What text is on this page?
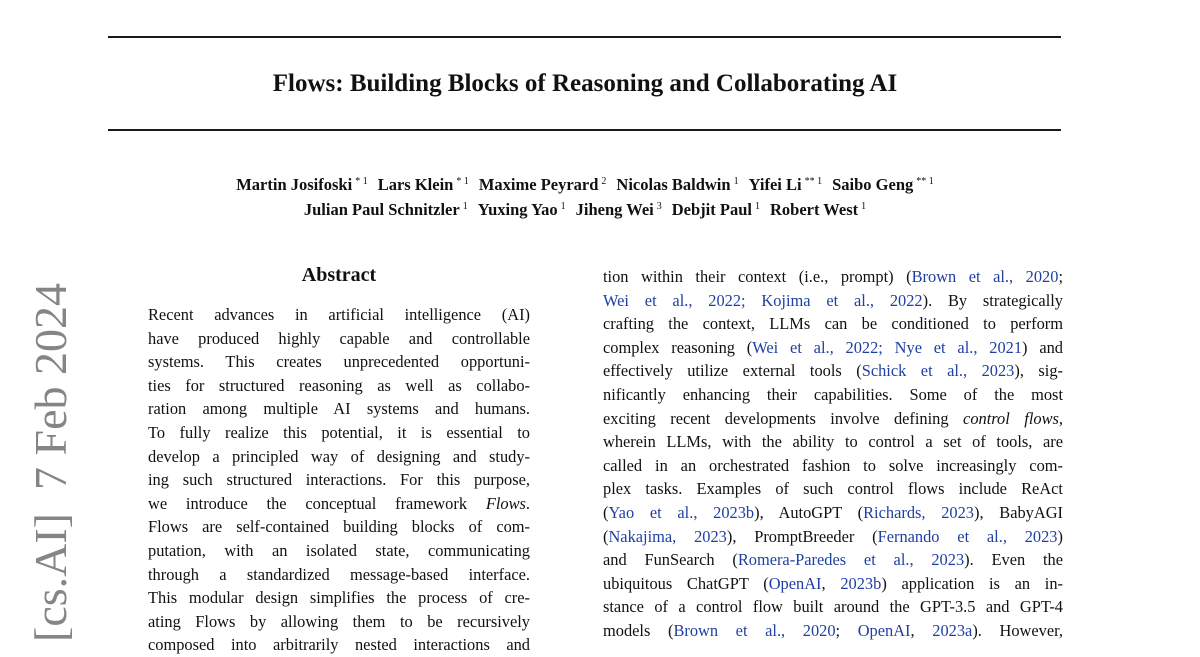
Flows: Building Blocks of Reasoning and Collaborating AI
Martin Josifoski $^{* 1}$ Lars Klein $^{* 1}$ Maxime Peyrard $^2$ Nicolas Baldwin $^1$ Yifei Li $^{** 1}$ Saibo Geng $^{** 1}$
Julian Paul Schnitzler $^1$ Yuxing Yao $^1$ Jiheng Wei $^3$ Debjit Paul $^1$ Robert West $^1$
[cs.AI]  7 Feb 2024
Abstract
Recent advances in artificial intelligence (AI)
have produced highly capable and controllable
systems. This creates unprecedented opportuni-
ties for structured reasoning as well as collabo-
ration among multiple AI systems and humans.
To fully realize this potential, it is essential to
develop a principled way of designing and study-
ing such structured interactions. For this purpose,
we introduce the conceptual framework Flows.
Flows are self-contained building blocks of com-
putation, with an isolated state, communicating
through a standardized message-based interface.
This modular design simplifies the process of cre-
ating Flows by allowing them to be recursively
composed into arbitrarily nested interactions and
tion within their context (i.e., prompt) (Brown et al., 2020;
Wei et al., 2022; Kojima et al., 2022). By strategically
crafting the context, LLMs can be conditioned to perform
complex reasoning (Wei et al., 2022; Nye et al., 2021) and
effectively utilize external tools (Schick et al., 2023), sig-
nificantly enhancing their capabilities. Some of the most
exciting recent developments involve defining control flows,
wherein LLMs, with the ability to control a set of tools, are
called in an orchestrated fashion to solve increasingly com-
plex tasks. Examples of such control flows include ReAct
(Yao et al., 2023b), AutoGPT (Richards, 2023), BabyAGI
(Nakajima, 2023), PromptBreeder (Fernando et al., 2023)
and FunSearch (Romera-Paredes et al., 2023). Even the
ubiquitous ChatGPT (OpenAI, 2023b) application is an in-
stance of a control flow built around the GPT-3.5 and GPT-4
models (Brown et al., 2020; OpenAI, 2023a). However,
